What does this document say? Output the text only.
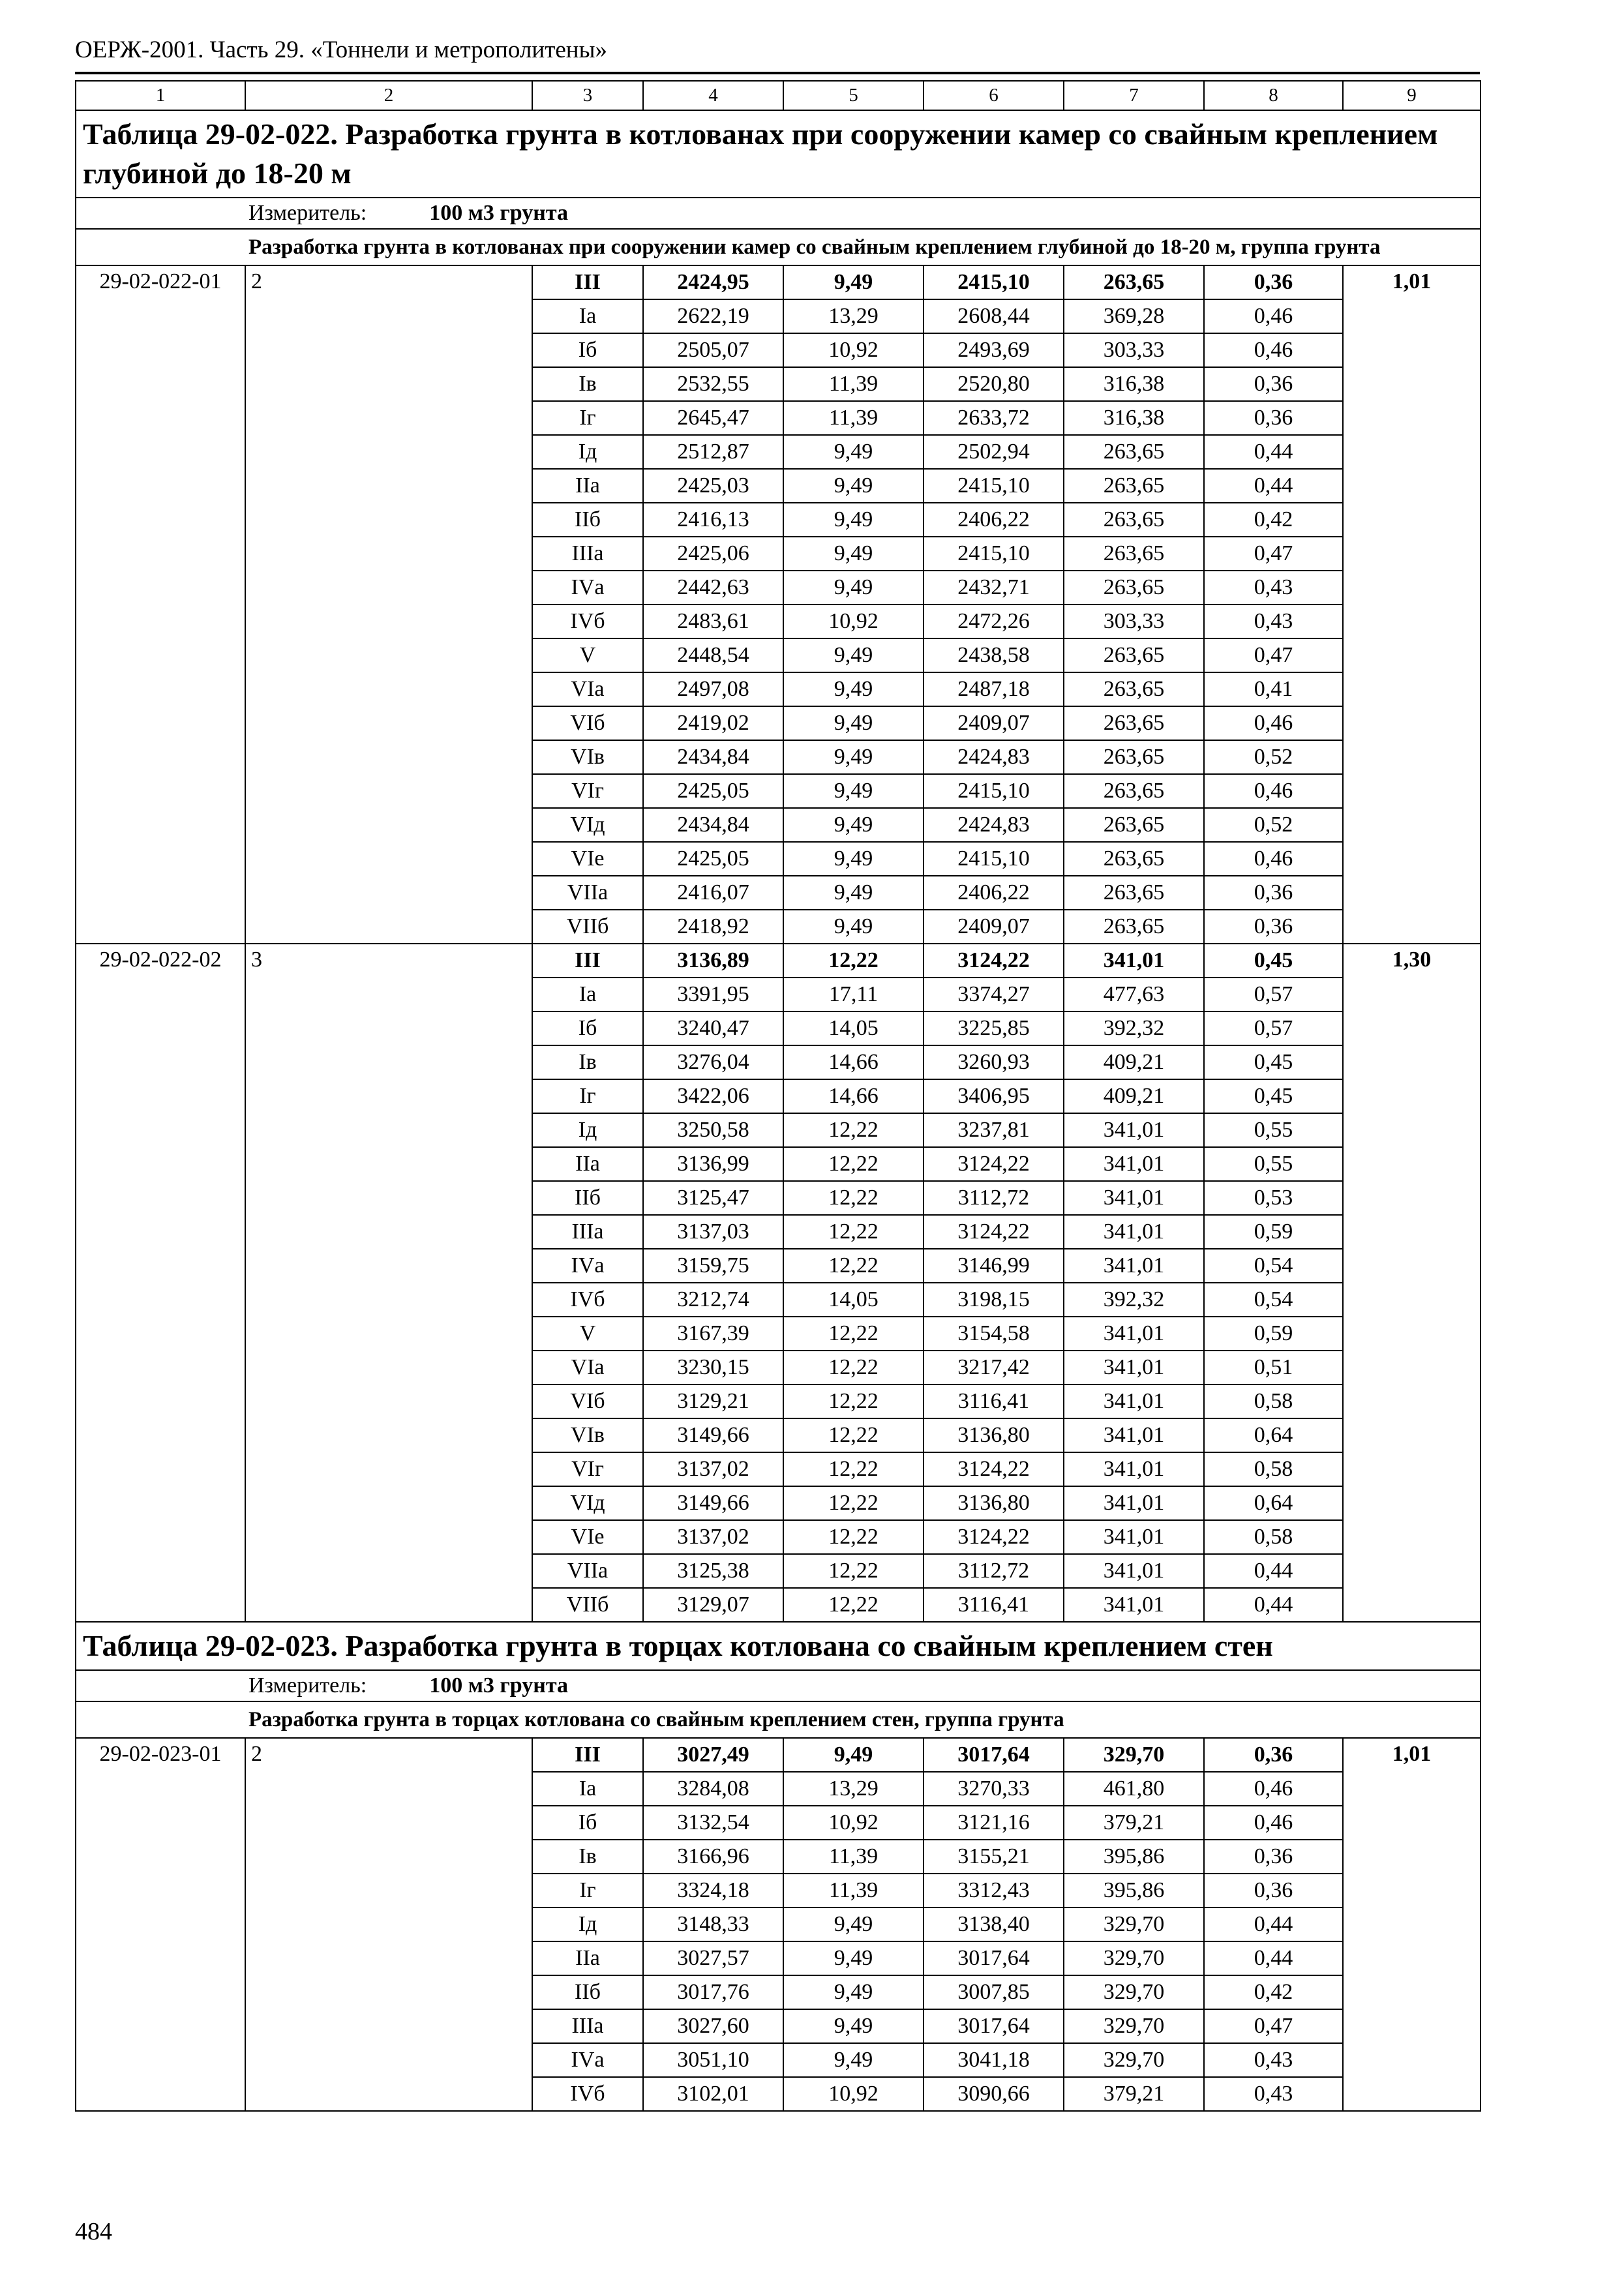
ОЕРЖ-2001. Часть 29. «Тоннели и метрополитены»
1	2	3	4	5	6	7	8	9
Таблица 29-02-022. Разработка грунта в котлованах при сооружении камер со свайным креплением глубиной до 18-20 м								
Измеритель: 100 м3 грунта								
Разработка грунта в котлованах при сооружении камер со свайным креплением глубиной до 18-20 м, группа грунта								
29-02-022-01	2	III	2424,95	9,49	2415,10	263,65	0,36	1,01
		Iа	2622,19	13,29	2608,44	369,28	0,46	
		Iб	2505,07	10,92	2493,69	303,33	0,46	
		Iв	2532,55	11,39	2520,80	316,38	0,36	
		Iг	2645,47	11,39	2633,72	316,38	0,36	
		Iд	2512,87	9,49	2502,94	263,65	0,44	
		IIа	2425,03	9,49	2415,10	263,65	0,44	
		IIб	2416,13	9,49	2406,22	263,65	0,42	
		IIIа	2425,06	9,49	2415,10	263,65	0,47	
		IVа	2442,63	9,49	2432,71	263,65	0,43	
		IVб	2483,61	10,92	2472,26	303,33	0,43	
		V	2448,54	9,49	2438,58	263,65	0,47	
		VIа	2497,08	9,49	2487,18	263,65	0,41	
		VIб	2419,02	9,49	2409,07	263,65	0,46	
		VIв	2434,84	9,49	2424,83	263,65	0,52	
		VIг	2425,05	9,49	2415,10	263,65	0,46	
		VIд	2434,84	9,49	2424,83	263,65	0,52	
		VIе	2425,05	9,49	2415,10	263,65	0,46	
		VIIа	2416,07	9,49	2406,22	263,65	0,36	
		VIIб	2418,92	9,49	2409,07	263,65	0,36	
29-02-022-02	3	III	3136,89	12,22	3124,22	341,01	0,45	1,30
		Iа	3391,95	17,11	3374,27	477,63	0,57	
		Iб	3240,47	14,05	3225,85	392,32	0,57	
		Iв	3276,04	14,66	3260,93	409,21	0,45	
		Iг	3422,06	14,66	3406,95	409,21	0,45	
		Iд	3250,58	12,22	3237,81	341,01	0,55	
		IIа	3136,99	12,22	3124,22	341,01	0,55	
		IIб	3125,47	12,22	3112,72	341,01	0,53	
		IIIа	3137,03	12,22	3124,22	341,01	0,59	
		IVа	3159,75	12,22	3146,99	341,01	0,54	
		IVб	3212,74	14,05	3198,15	392,32	0,54	
		V	3167,39	12,22	3154,58	341,01	0,59	
		VIа	3230,15	12,22	3217,42	341,01	0,51	
		VIб	3129,21	12,22	3116,41	341,01	0,58	
		VIв	3149,66	12,22	3136,80	341,01	0,64	
		VIг	3137,02	12,22	3124,22	341,01	0,58	
		VIд	3149,66	12,22	3136,80	341,01	0,64	
		VIе	3137,02	12,22	3124,22	341,01	0,58	
		VIIа	3125,38	12,22	3112,72	341,01	0,44	
		VIIб	3129,07	12,22	3116,41	341,01	0,44	
Таблица 29-02-023. Разработка грунта в торцах котлована со свайным креплением стен								
Измеритель: 100 м3 грунта								
Разработка грунта в торцах котлована со свайным креплением стен, группа грунта								
29-02-023-01	2	III	3027,49	9,49	3017,64	329,70	0,36	1,01
		Iа	3284,08	13,29	3270,33	461,80	0,46	
		Iб	3132,54	10,92	3121,16	379,21	0,46	
		Iв	3166,96	11,39	3155,21	395,86	0,36	
		Iг	3324,18	11,39	3312,43	395,86	0,36	
		Iд	3148,33	9,49	3138,40	329,70	0,44	
		IIа	3027,57	9,49	3017,64	329,70	0,44	
		IIб	3017,76	9,49	3007,85	329,70	0,42	
		IIIа	3027,60	9,49	3017,64	329,70	0,47	
		IVа	3051,10	9,49	3041,18	329,70	0,43	
		IVб	3102,01	10,92	3090,66	379,21	0,43	
484
